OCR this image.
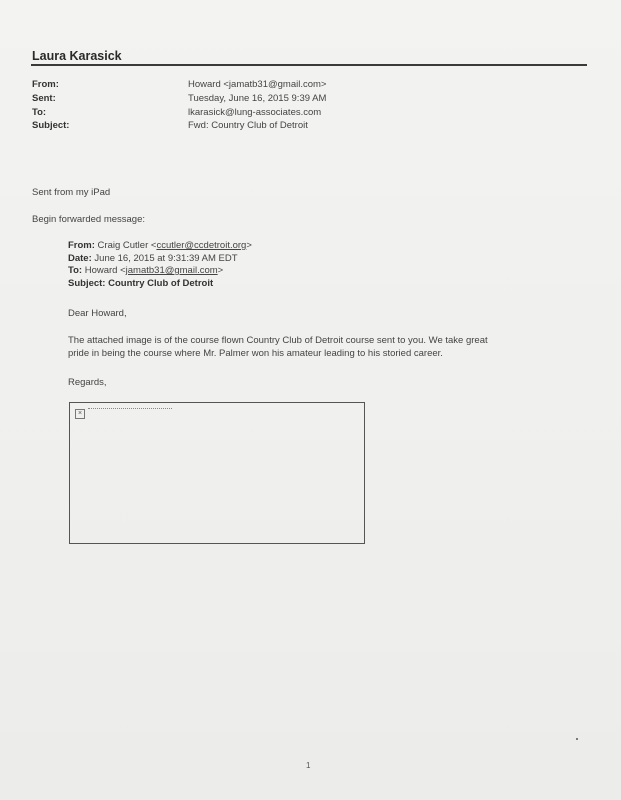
Laura Karasick
From:	Howard <jamatb31@gmail.com>
Sent:	Tuesday, June 16, 2015 9:39 AM
To:	lkarasick@lung-associates.com
Subject:	Fwd: Country Club of Detroit
Sent from my iPad
Begin forwarded message:
From: Craig Cutler <ccutler@ccdetroit.org>
Date: June 16, 2015 at 9:31:39 AM EDT
To: Howard <jamatb31@gmail.com>
Subject: Country Club of Detroit
Dear Howard,
The attached image is of the course flown Country Club of Detroit course sent to you. We take great
pride in being the course where Mr. Palmer won his amateur leading to his storied career.
Regards,
×
1
